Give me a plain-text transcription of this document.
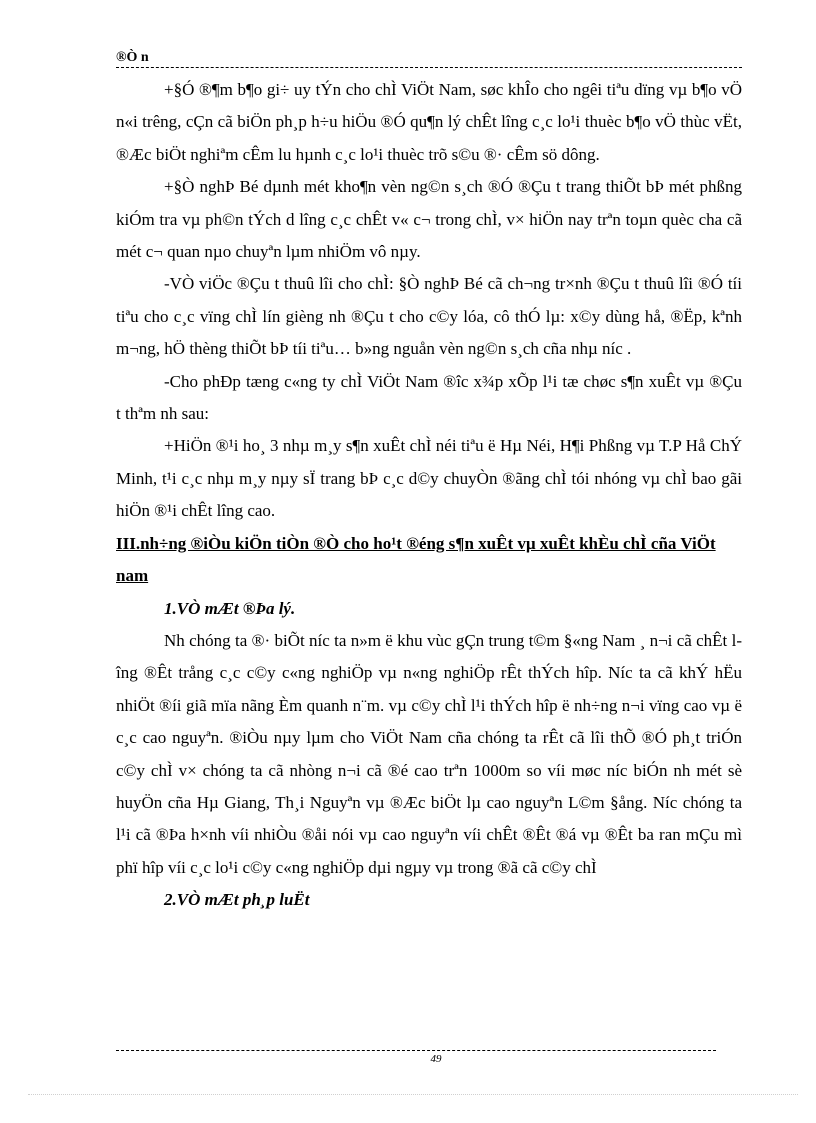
®Ò n

+§Ó ®¶m b¶o gi÷ uy tÝn cho chÌ ViÖt Nam, søc khÎo cho ngêi tiªu dïng vµ b¶o vÖ n«i trêng, cÇn cã biÖn ph¸p h÷u hiÖu ®Ó qu¶n lý chÊt lîng c¸c lo¹i thuèc b¶o vÖ thùc vËt, ®Æc biÖt nghiªm cÊm lu hµnh c¸c lo¹i thuèc trõ s©u ®· cÊm sö dông.

+§Ò nghÞ Bé dµnh mét kho¶n vèn ng©n s¸ch ®Ó ®Çu t trang thiÕt bÞ mét phßng kiÓm tra vµ ph©n tÝch d lîng c¸c chÊt v« c¬ trong chÌ, v× hiÖn nay trªn toµn quèc cha cã mét c¬ quan nµo chuyªn lµm nhiÖm vô nµy.

-VÒ viÖc ®Çu t thuû lîi cho chÌ: §Ò nghÞ Bé cã ch¬ng tr×nh ®Çu t thuû lîi ®Ó tíi tiªu cho c¸c vïng chÌ lín gièng nh ®Çu t cho c©y lóa, cô thÓ lµ: x©y dùng hå, ®Ëp, kªnh m¬ng, hÖ thèng thiÕt bÞ tíi tiªu… b»ng nguån vèn ng©n s¸ch cña nhµ níc .

-Cho phÐp tæng c«ng ty chÌ ViÖt Nam ®îc x¾p xÕp l¹i tæ chøc s¶n xuÊt vµ ®Çu t thªm nh sau:

+HiÖn ®¹i ho¸ 3 nhµ m¸y s¶n xuÊt chÌ néi tiªu ë Hµ Néi, H¶i Phßng vµ T.P Hå ChÝ Minh, t¹i c¸c nhµ m¸y nµy sÏ trang bÞ c¸c d©y chuyÒn ®ãng chÌ tói nhóng vµ chÌ bao gãi hiÖn ®¹i chÊt lîng cao.

III.nh÷ng ®iÒu kiÖn tiÒn ®Ò cho ho¹t ®éng s¶n xuÊt vµ xuÊt khÈu chÌ cña ViÖt nam

1.VÒ mÆt ®Þa lý.

Nh chóng ta ®· biÕt níc ta n»m ë khu vùc gÇn trung t©m §«ng Nam ¸ n¬i cã chÊt lîng ®Êt trång c¸c c©y c«ng nghiÖp vµ n«ng nghiÖp rÊt thÝch hîp. Níc ta cã khÝ hËu nhiÖt ®íi giã mïa nãng Èm quanh n¨m. vµ c©y chÌ l¹i thÝch hîp ë nh÷ng n¬i vïng cao vµ ë c¸c cao nguyªn. ®iÒu nµy lµm cho ViÖt Nam cña chóng ta rÊt cã lîi thÕ ®Ó ph¸t triÓn c©y chÌ v× chóng ta cã nhòng n¬i cã ®é cao trªn 1000m so víi møc níc biÓn nh mét sè huyÖn cña Hµ Giang, Th¸i Nguyªn vµ ®Æc biÖt lµ cao nguyªn L©m §ång. Níc chóng ta l¹i cã ®Þa h×nh víi nhiÒu ®åi nói vµ cao nguyªn víi chÊt ®Êt ®á vµ ®Êt ba ran mÇu mì phï hîp víi c¸c lo¹i c©y c«ng nghiÖp dµi ngµy vµ trong ®ã cã c©y chÌ

2.VÒ mÆt ph¸p luËt

49
